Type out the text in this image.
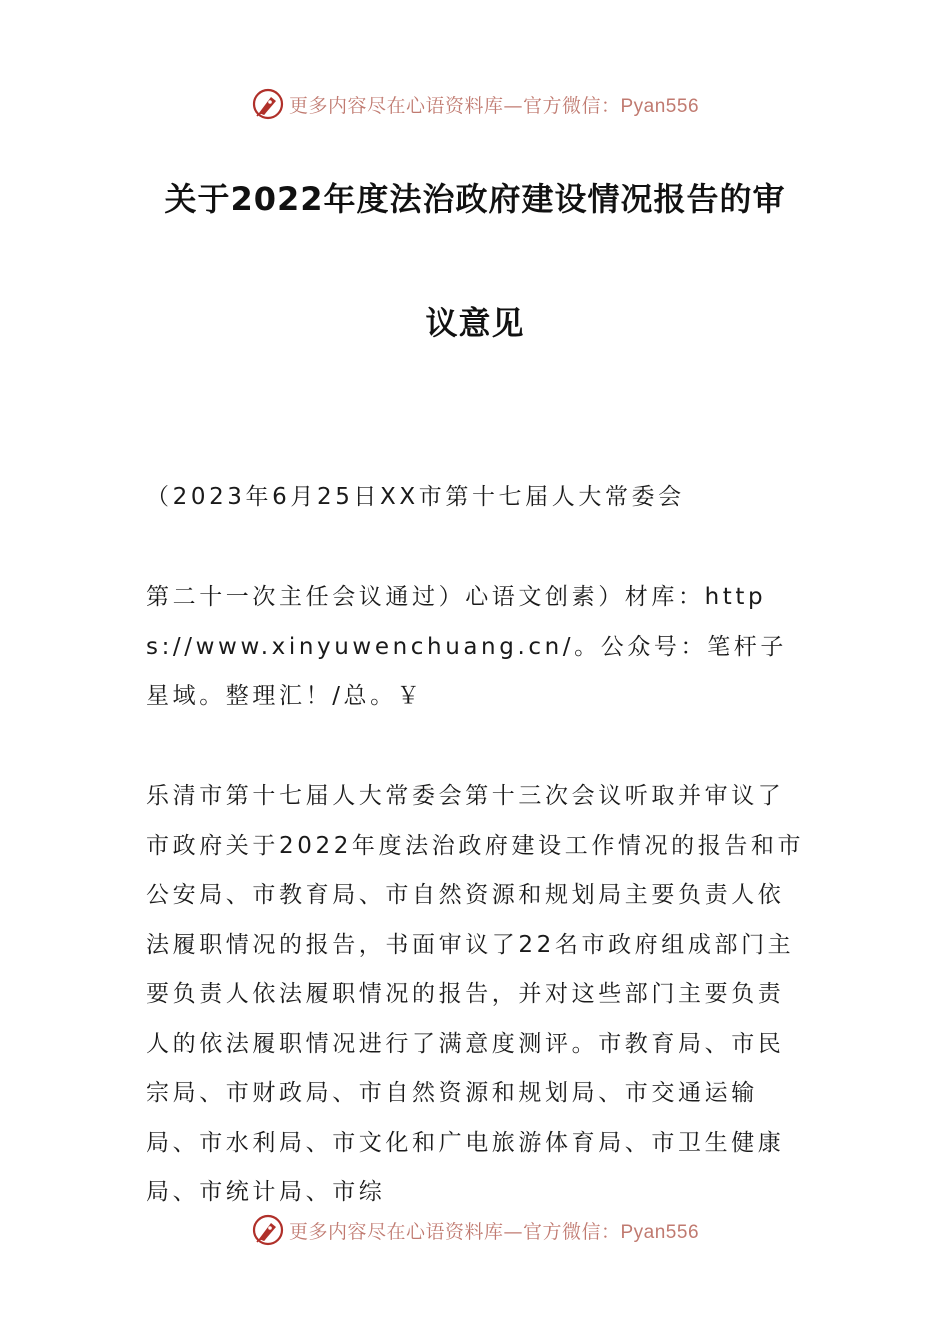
更多内容尽在心语资料库—官方微信：Pyan556
关于2022年度法治政府建设情况报告的审
议意见

（2023年6月25日XX市第十七届人大常委会

第二十一次主任会议通过）心语文创素）材库：https://www.xinyuwenchuang.cn/。公众号：笔杆子星域。整理汇！/总。￥

乐清市第十七届人大常委会第十三次会议听取并审议了市政府关于2022年度法治政府建设工作情况的报告和市公安局、市教育局、市自然资源和规划局主要负责人依法履职情况的报告，书面审议了22名市政府组成部门主要负责人依法履职情况的报告，并对这些部门主要负责人的依法履职情况进行了满意度测评。市教育局、市民宗局、市财政局、市自然资源和规划局、市交通运输局、市水利局、市文化和广电旅游体育局、市卫生健康局、市统计局、市综

更多内容尽在心语资料库—官方微信：Pyan556
